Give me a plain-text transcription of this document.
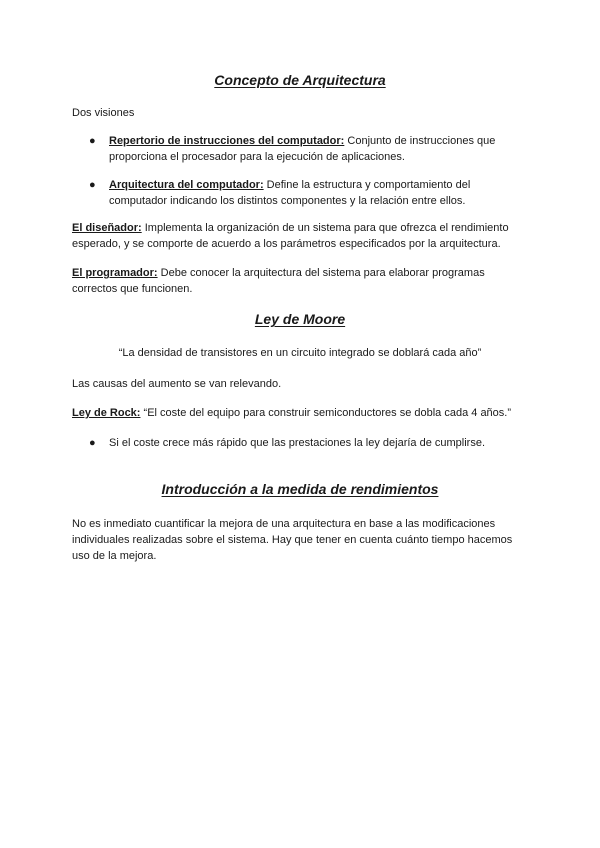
Concepto de Arquitectura

Dos visiones

● Repertorio de instrucciones del computador: Conjunto de instrucciones que proporciona el procesador para la ejecución de aplicaciones.

● Arquitectura del computador: Define la estructura y comportamiento del computador indicando los distintos componentes y la relación entre ellos.

El diseñador: Implementa la organización de un sistema para que ofrezca el rendimiento esperado, y se comporte de acuerdo a los parámetros especificados por la arquitectura.

El programador: Debe conocer la arquitectura del sistema para elaborar programas correctos que funcionen.

Ley de Moore
“La densidad de transistores en un circuito integrado se doblará cada año”

Las causas del aumento se van relevando.

Ley de Rock: “El coste del equipo para construir semiconductores se dobla cada 4 años.”

● Si el coste crece más rápido que las prestaciones la ley dejaría de cumplirse.

Introducción a la medida de rendimientos

No es inmediato cuantificar la mejora de una arquitectura en base a las modificaciones individuales realizadas sobre el sistema. Hay que tener en cuenta cuánto tiempo hacemos uso de la mejora.
